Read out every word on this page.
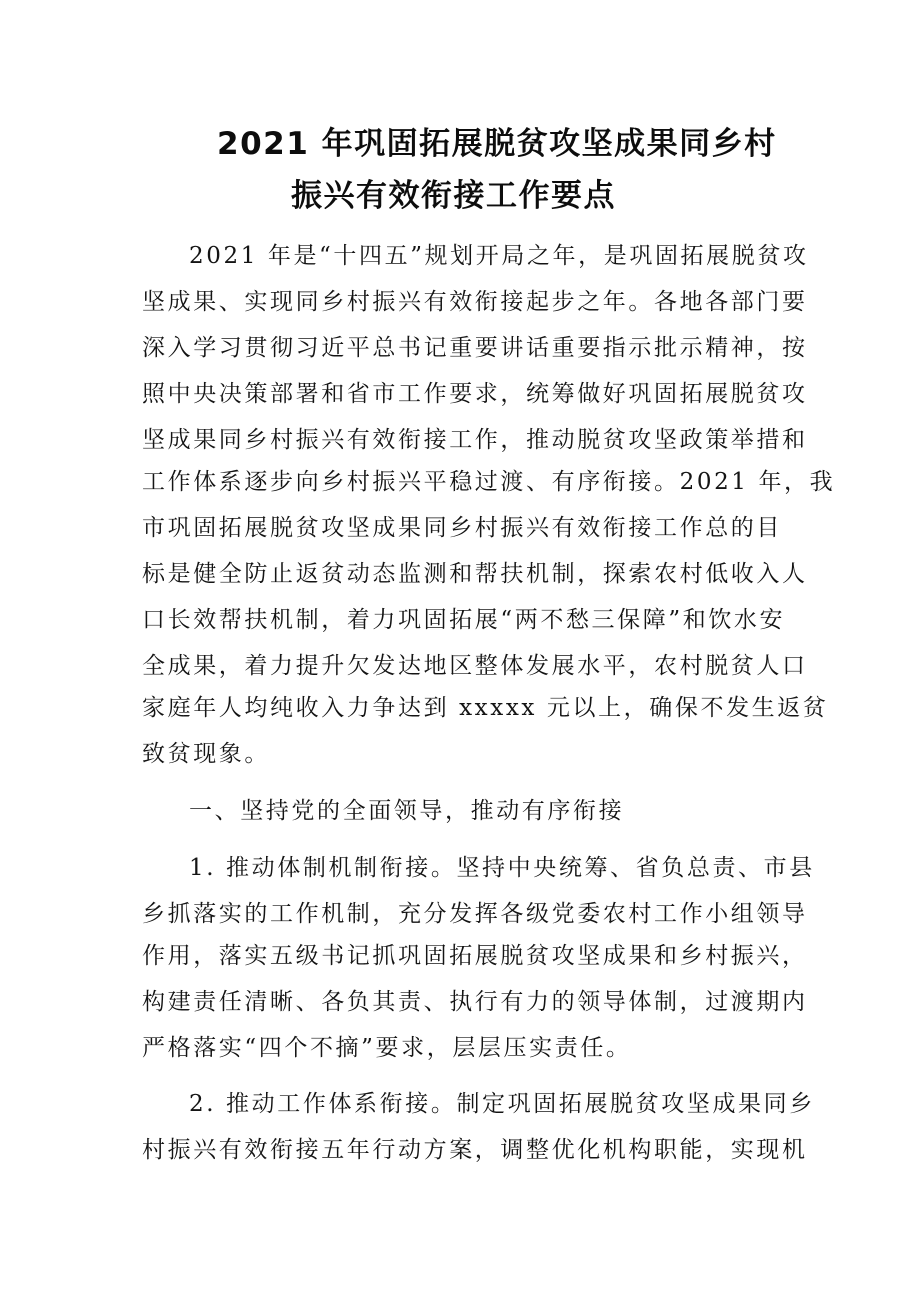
2021 年巩固拓展脱贫攻坚成果同乡村
振兴有效衔接工作要点
2021 年是“十四五”规划开局之年，是巩固拓展脱贫攻
坚成果、实现同乡村振兴有效衔接起步之年。各地各部门要
深入学习贯彻习近平总书记重要讲话重要指示批示精神，按
照中央决策部署和省市工作要求，统筹做好巩固拓展脱贫攻
坚成果同乡村振兴有效衔接工作，推动脱贫攻坚政策举措和
工作体系逐步向乡村振兴平稳过渡、有序衔接。2021 年，我
市巩固拓展脱贫攻坚成果同乡村振兴有效衔接工作总的目
标是健全防止返贫动态监测和帮扶机制，探索农村低收入人
口长效帮扶机制，着力巩固拓展“两不愁三保障”和饮水安
全成果，着力提升欠发达地区整体发展水平，农村脱贫人口
家庭年人均纯收入力争达到 xxxxx 元以上，确保不发生返贫
致贫现象。
一、坚持党的全面领导，推动有序衔接
1. 推动体制机制衔接。坚持中央统筹、省负总责、市县
乡抓落实的工作机制，充分发挥各级党委农村工作小组领导
作用，落实五级书记抓巩固拓展脱贫攻坚成果和乡村振兴，
构建责任清晰、各负其责、执行有力的领导体制，过渡期内
严格落实“四个不摘”要求，层层压实责任。
2. 推动工作体系衔接。制定巩固拓展脱贫攻坚成果同乡
村振兴有效衔接五年行动方案，调整优化机构职能，实现机
